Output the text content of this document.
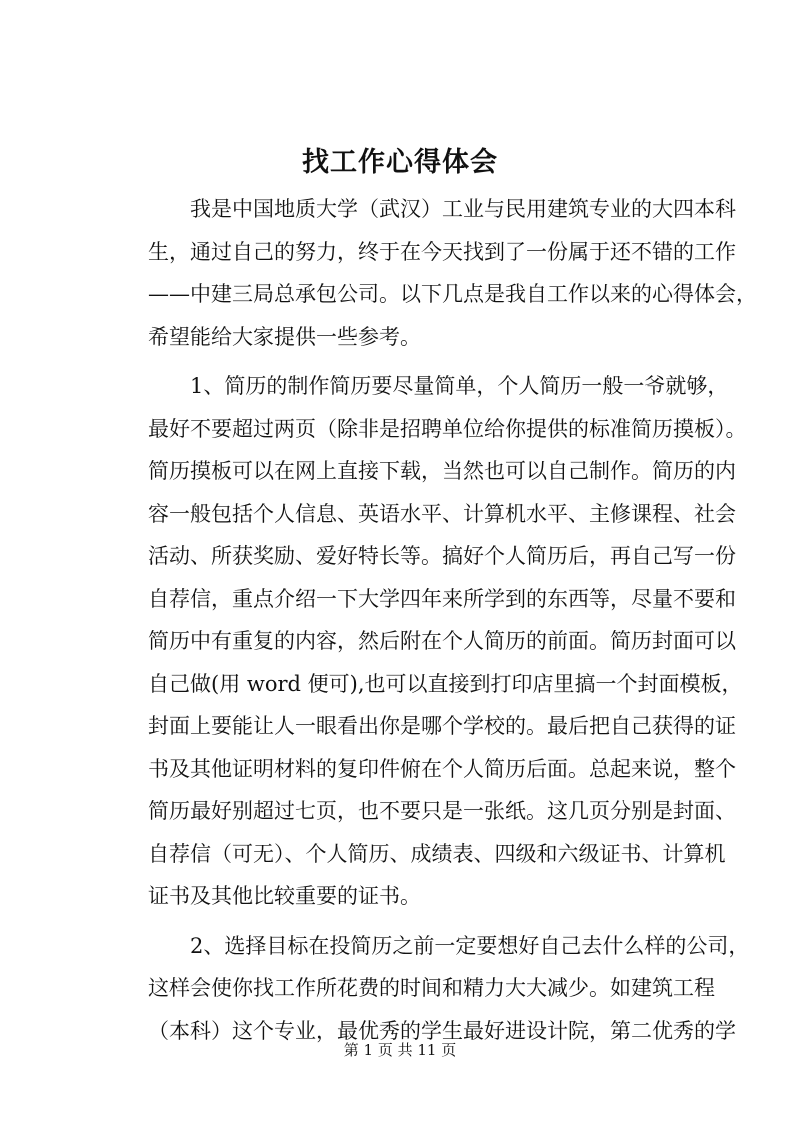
找工作心得体会
我是中国地质大学（武汉）工业与民用建筑专业的大四本科
生，通过自己的努力，终于在今天找到了一份属于还不错的工作
——中建三局总承包公司。以下几点是我自工作以来的心得体会，
希望能给大家提供一些参考。
1、简历的制作简历要尽量简单，个人简历一般一爷就够，
最好不要超过两页（除非是招聘单位给你提供的标准简历摸板）。
简历摸板可以在网上直接下载，当然也可以自己制作。简历的内
容一般包括个人信息、英语水平、计算机水平、主修课程、社会
活动、所获奖励、爱好特长等。搞好个人简历后，再自己写一份
自荐信，重点介绍一下大学四年来所学到的东西等，尽量不要和
简历中有重复的内容，然后附在个人简历的前面。简历封面可以
自己做(用 word 便可),也可以直接到打印店里搞一个封面模板，
封面上要能让人一眼看出你是哪个学校的。最后把自己获得的证
书及其他证明材料的复印件俯在个人简历后面。总起来说，整个
简历最好别超过七页，也不要只是一张纸。这几页分别是封面、
自荐信（可无）、个人简历、成绩表、四级和六级证书、计算机
证书及其他比较重要的证书。
2、选择目标在投简历之前一定要想好自己去什么样的公司，
这样会使你找工作所花费的时间和精力大大减少。如建筑工程
（本科）这个专业，最优秀的学生最好进设计院，第二优秀的学

第 1 页 共 11 页
